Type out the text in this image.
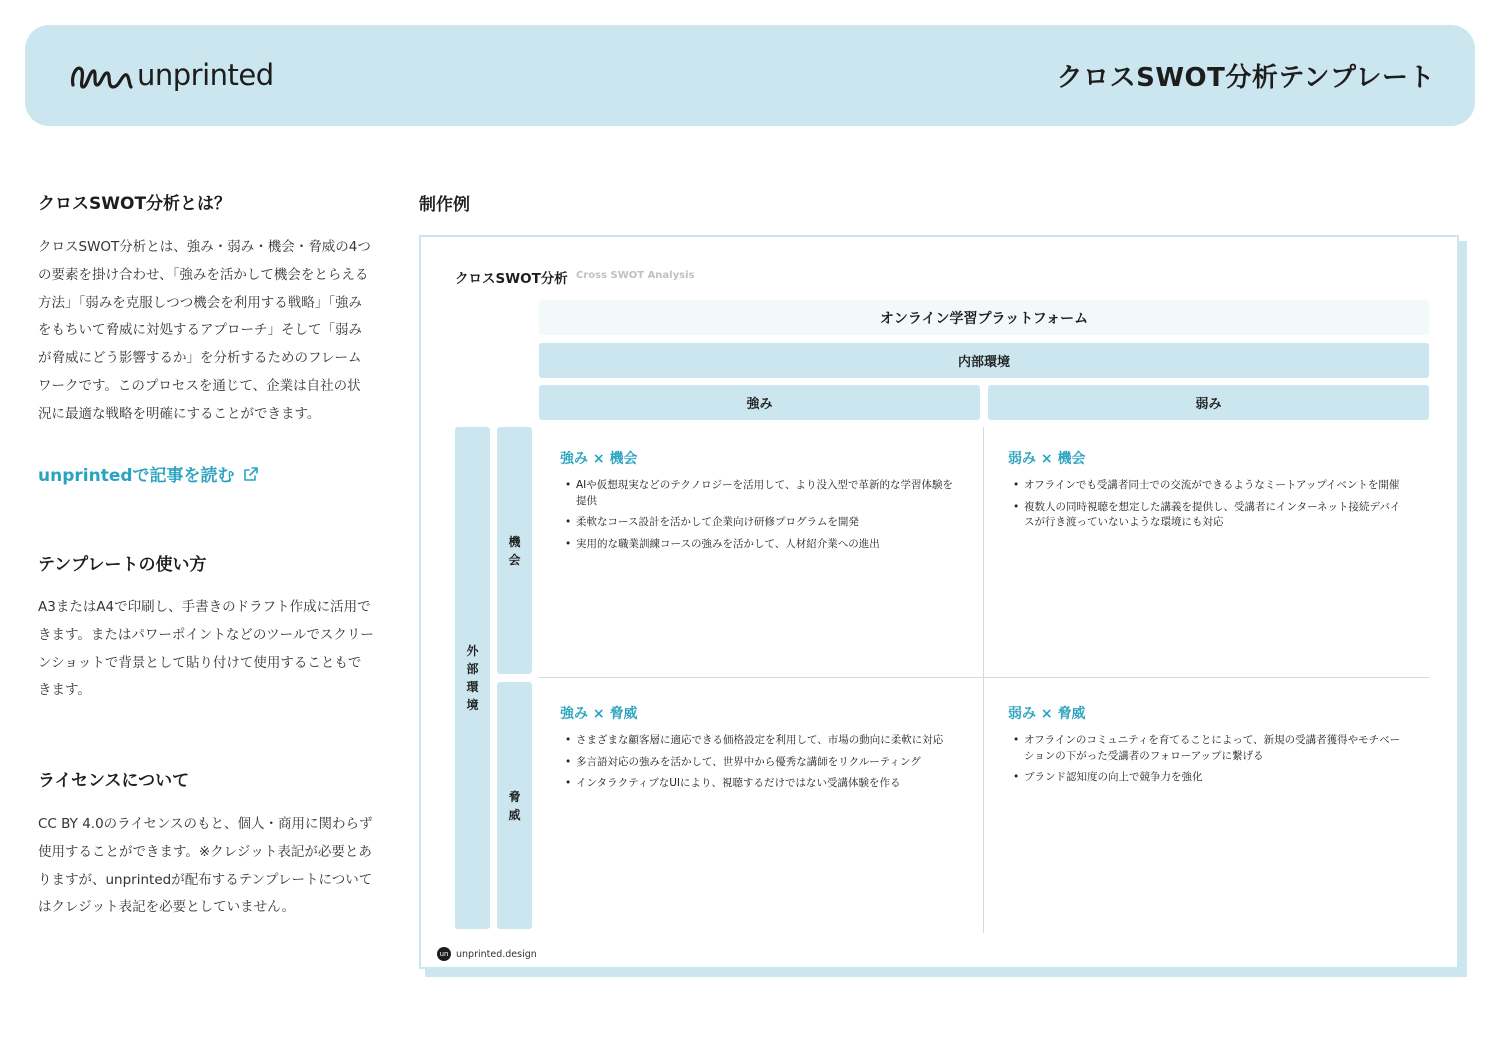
unprinted	クロスSWOT分析テンプレート
クロスSWOT分析とは？

クロスSWOT分析とは、強み・弱み・機会・脅威の4つの要素を掛け合わせ、「強みを活かして機会をとらえる方法」「弱みを克服しつつ機会を利用する戦略」「強みをもちいて脅威に対処するアプローチ」そして「弱みが脅威にどう影響するか」を分析するためのフレームワークです。このプロセスを通じて、企業は自社の状況に最適な戦略を明確にすることができます。

unprintedで記事を読む
テンプレートの使い方

A3またはA4で印刷し、手書きのドラフト作成に活用できます。またはパワーポイントなどのツールでスクリーンショットで背景として貼り付けて使用することもできます。

ライセンスについて

CC BY 4.0のライセンスのもと、個人・商用に関わらず使用することができます。※クレジット表記が必要とありますが、unprintedが配布するテンプレートについてはクレジット表記を必要としていません。

制作例
クロスSWOT分析 Cross SWOT Analysis
オンライン学習プラットフォーム
内部環境
強み	弱み
外部環境
機会
脅威
強み × 機会
• AIや仮想現実などのテクノロジーを活用して、より没入型で革新的な学習体験を提供
• 柔軟なコース設計を活かして企業向け研修プログラムを開発
• 実用的な職業訓練コースの強みを活かして、人材紹介業への進出
弱み × 機会
• オフラインでも受講者同士での交流ができるようなミートアップイベントを開催
• 複数人の同時視聴を想定した講義を提供し、受講者にインターネット接続デバイスが行き渡っていないような環境にも対応
強み × 脅威
• さまざまな顧客層に適応できる価格設定を利用して、市場の動向に柔軟に対応
• 多言語対応の強みを活かして、世界中から優秀な講師をリクルーティング
• インタラクティブなUIにより、視聴するだけではない受講体験を作る
弱み × 脅威
• オフラインのコミュニティを育てることによって、新規の受講者獲得やモチベーションの下がった受講者のフォローアップに繋げる
• ブランド認知度の向上で競争力を強化
un unprinted.design
